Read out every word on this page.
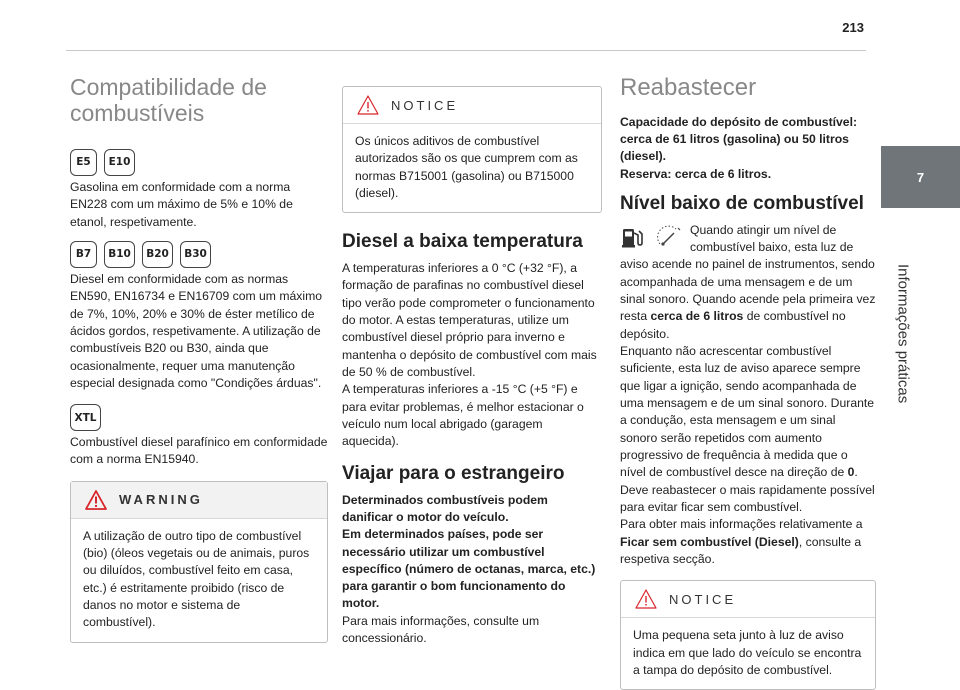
213
7
Informações práticas
Compatibilidade de combustíveis
E5	E10

Gasolina em conformidade com a norma EN228 com um máximo de 5% e 10% de etanol, respetivamente.

B7	B10	B20	B30

Diesel em conformidade com as normas EN590, EN16734 e EN16709 com um máximo de 7%, 10%, 20% e 30% de éster metílico de ácidos gordos, respetivamente. A utilização de combustíveis B20 ou B30, ainda que ocasionalmente, requer uma manutenção especial designada como "Condições árduas".

XTL

Combustível diesel parafínico em conformidade com a norma EN15940.

WARNING

A utilização de outro tipo de combustível (bio) (óleos vegetais ou de animais, puros ou diluídos, combustível feito em casa, etc.) é estritamente proibido (risco de danos no motor e sistema de combustível).

NOTICE

Os únicos aditivos de combustível autorizados são os que cumprem com as normas B715001 (gasolina) ou B715000 (diesel).

Diesel a baixa temperatura

A temperaturas inferiores a 0 °C (+32 °F), a formação de parafinas no combustível diesel tipo verão pode comprometer o funcionamento do motor. A estas temperaturas, utilize um combustível diesel próprio para inverno e mantenha o depósito de combustível com mais de 50 % de combustível.

A temperaturas inferiores a -15 °C (+5 °F) e para evitar problemas, é melhor estacionar o veículo num local abrigado (garagem aquecida).

Viajar para o estrangeiro

Determinados combustíveis podem danificar o motor do veículo.

Em determinados países, pode ser necessário utilizar um combustível específico (número de octanas, marca, etc.) para garantir o bom funcionamento do motor.

Para mais informações, consulte um concessionário.

Reabastecer

Capacidade do depósito de combustível: cerca de 61 litros (gasolina) ou 50 litros (diesel).

Reserva: cerca de 6 litros.

Nível baixo de combustível

Quando atingir um nível de combustível baixo, esta luz de aviso acende no painel de instrumentos, sendo acompanhada de uma mensagem e de um sinal sonoro. Quando acende pela primeira vez resta cerca de 6 litros de combustível no depósito.

Enquanto não acrescentar combustível suficiente, esta luz de aviso aparece sempre que ligar a ignição, sendo acompanhada de uma mensagem e de um sinal sonoro. Durante a condução, esta mensagem e um sinal sonoro serão repetidos com aumento progressivo de frequência à medida que o nível de combustível desce na direção de 0.

Deve reabastecer o mais rapidamente possível para evitar ficar sem combustível.

Para obter mais informações relativamente a Ficar sem combustível (Diesel), consulte a respetiva secção.

NOTICE

Uma pequena seta junto à luz de aviso indica em que lado do veículo se encontra a tampa do depósito de combustível.
